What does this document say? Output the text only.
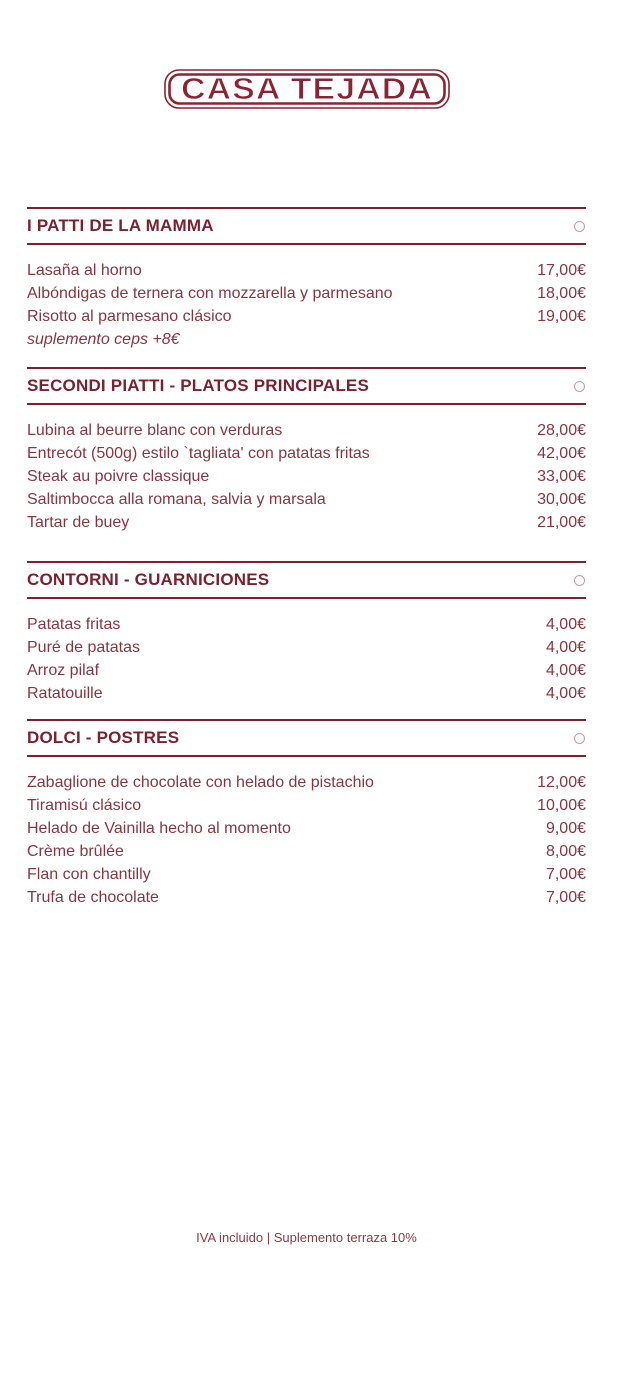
CASA TEJADA
I PATTI DE LA MAMMA
Lasaña al horno	17,00€
Albóndigas de ternera con mozzarella y parmesano	18,00€
Risotto al parmesano clásico	19,00€
suplemento ceps +8€
SECONDI PIATTI - PLATOS PRINCIPALES
Lubina al beurre blanc con verduras	28,00€
Entrecót (500g) estilo `tagliata' con patatas fritas	42,00€
Steak au poivre classique	33,00€
Saltimbocca alla romana, salvia y marsala	30,00€
Tartar de buey	21,00€
CONTORNI - GUARNICIONES
Patatas fritas	4,00€
Puré de patatas	4,00€
Arroz pilaf	4,00€
Ratatouille	4,00€
DOLCI - POSTRES
Zabaglione de chocolate con helado de pistachio	12,00€
Tiramisú clásico	10,00€
Helado de Vainilla hecho al momento	9,00€
Crème brûlée	8,00€
Flan con chantilly	7,00€
Trufa de chocolate	7,00€
IVA incluido | Suplemento terraza 10%
